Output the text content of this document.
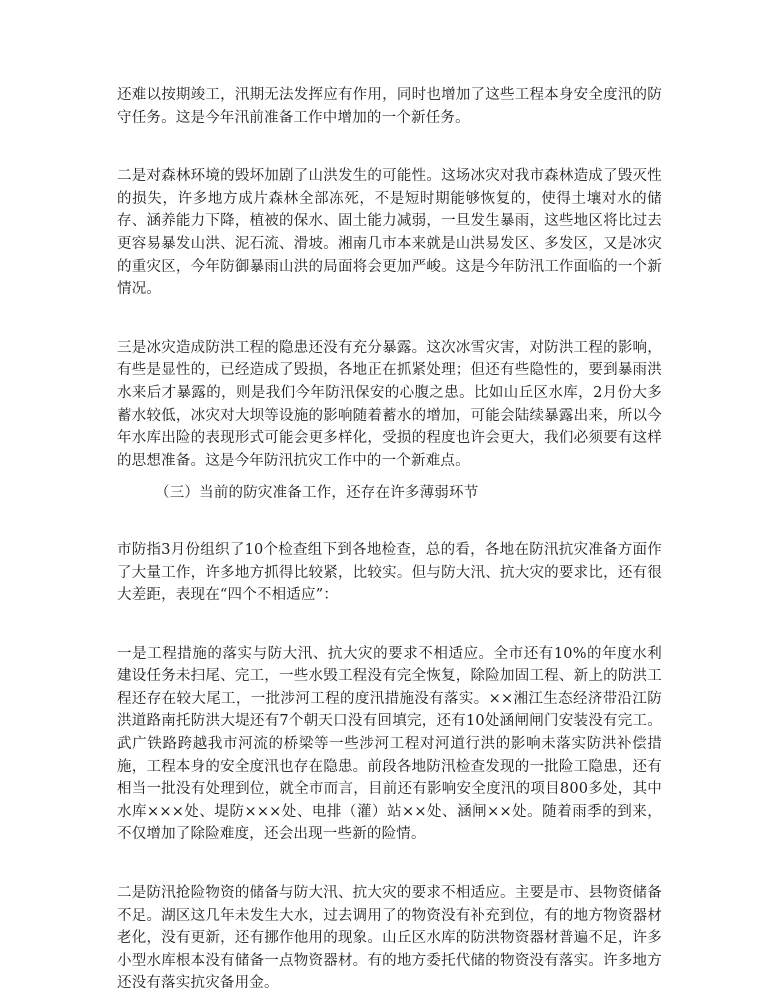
还难以按期竣工，汛期无法发挥应有作用，同时也增加了这些工程本身安全度汛的防守任务。这是今年汛前准备工作中增加的一个新任务。

二是对森林环境的毁坏加剧了山洪发生的可能性。这场冰灾对我市森林造成了毁灭性的损失，许多地方成片森林全部冻死，不是短时期能够恢复的，使得土壤对水的储存、涵养能力下降，植被的保水、固土能力减弱，一旦发生暴雨，这些地区将比过去更容易暴发山洪、泥石流、滑坡。湘南几市本来就是山洪易发区、多发区，又是冰灾的重灾区，今年防御暴雨山洪的局面将会更加严峻。这是今年防汛工作面临的一个新情况。

三是冰灾造成防洪工程的隐患还没有充分暴露。这次冰雪灾害，对防洪工程的影响，有些是显性的，已经造成了毁损，各地正在抓紧处理；但还有些隐性的，要到暴雨洪水来后才暴露的，则是我们今年防汛保安的心腹之患。比如山丘区水库，2月份大多蓄水较低，冰灾对大坝等设施的影响随着蓄水的增加，可能会陆续暴露出来，所以今年水库出险的表现形式可能会更多样化，受损的程度也许会更大，我们必须要有这样的思想准备。这是今年防汛抗灾工作中的一个新难点。

（三）当前的防灾准备工作，还存在许多薄弱环节

市防指3月份组织了10个检查组下到各地检查，总的看，各地在防汛抗灾准备方面作了大量工作，许多地方抓得比较紧，比较实。但与防大汛、抗大灾的要求比，还有很大差距，表现在“四个不相适应”：

一是工程措施的落实与防大汛、抗大灾的要求不相适应。全市还有10%的年度水利建设任务未扫尾、完工，一些水毁工程没有完全恢复，除险加固工程、新上的防洪工程还存在较大尾工，一批涉河工程的度汛措施没有落实。××湘江生态经济带沿江防洪道路南托防洪大堤还有7个朝天口没有回填完，还有10处涵闸闸门安装没有完工。武广铁路跨越我市河流的桥梁等一些涉河工程对河道行洪的影响未落实防洪补偿措施，工程本身的安全度汛也存在隐患。前段各地防汛检查发现的一批险工隐患，还有相当一批没有处理到位，就全市而言，目前还有影响安全度汛的项目800多处，其中水库×××处、堤防×××处、电排（灌）站××处、涵闸××处。随着雨季的到来，不仅增加了除险难度，还会出现一些新的险情。

二是防汛抢险物资的储备与防大汛、抗大灾的要求不相适应。主要是市、县物资储备不足。湖区这几年未发生大水，过去调用了的物资没有补充到位，有的地方物资器材老化，没有更新，还有挪作他用的现象。山丘区水库的防洪物资器材普遍不足，许多小型水库根本没有储备一点物资器材。有的地方委托代储的物资没有落实。许多地方还没有落实抗灾备用金。
